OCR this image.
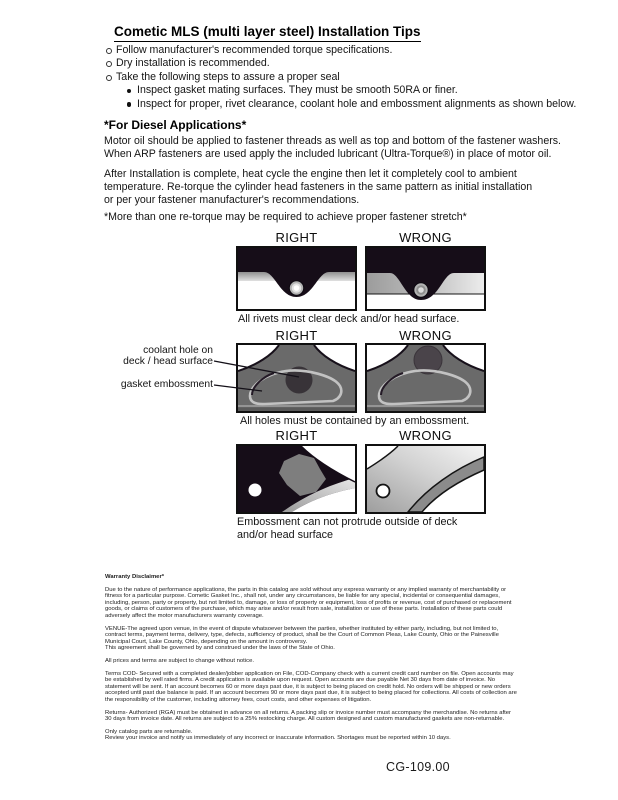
Cometic MLS (multi layer steel) Installation Tips
Follow manufacturer's recommended torque specifications.
Dry installation is recommended.
Take the following steps to assure a proper seal
Inspect gasket mating surfaces. They must be smooth 50RA or finer.
Inspect for proper, rivet clearance, coolant hole and embossment alignments as shown below.
*For Diesel Applications*
Motor oil should be applied to fastener threads as well as top and bottom of the fastener washers.
When ARP fasteners are used apply the included lubricant (Ultra-Torque®) in place of motor oil.
After Installation is complete, heat cycle the engine then let it completely cool to ambient
temperature. Re-torque the cylinder head fasteners in the same pattern as initial installation
or per your fastener manufacturer's recommendations.
*More than one re-torque may be required to achieve proper fastener stretch*
RIGHT	WRONG
All rivets must clear deck and/or head surface.
RIGHT	WRONG
coolant hole on
deck / head surface
gasket embossment
All holes must be contained by an embossment.
RIGHT	WRONG
Embossment can not protrude outside of deck
and/or head surface
Warranty Disclaimer*

Due to the nature of performance applications, the parts in this catalog are sold without any express warranty or any implied warranty of merchantability or fitness for a particular purpose. Cometic Gasket Inc., shall not, under any circumstances, be liable for any special, incidental or consequential damages, including, person, party or property, but not limited to, damage, or loss of property or equipment, loss of profits or revenue, cost of purchased or replacement goods, or claims of customers of the purchase, which may arise and/or result from sale, installation or use of these parts. Installation of these parts could adversely affect the motor manufacturers warranty coverage.

VENUE-The agreed upon venue, in the event of dispute whatsoever between the parties, whether instituted by either party, including, but not limited to, contract terms, payment terms, delivery, type, defects, sufficiency of product, shall be the Court of Common Pleas, Lake County, Ohio or the Painesville Municipal Court, Lake County, Ohio, depending on the amount in controversy.

This agreement shall be governed by and construed under the laws of the State of Ohio.

All prices and terms are subject to change without notice.

Terms COD- Secured with a completed dealer/jobber application on File, COD-Company check with a current credit card number on file. Open accounts may be established by well rated firms. A credit application is available upon request. Open accounts are due payable Net 30 days from date of invoice. No statement will be sent. If an account becomes 60 or more days past due, it is subject to being placed on credit hold. No orders will be shipped or new orders accepted until past due balance is paid. If an account becomes 90 or more days past due, it is subject to being placed for collections. All costs of collection are the responsibility of the customer, including attorney fees, court costs, and other expenses of litigation.

Returns- Authorized (RGA) must be obtained in advance on all returns. A packing slip or invoice number must accompany the merchandise. No returns after 30 days from invoice date. All returns are subject to a 25% restocking charge. All custom designed and custom manufactured gaskets are non-returnable.

Only catalog parts are returnable.

Review your invoice and notify us immediately of any incorrect or inaccurate information. Shortages must be reported within 10 days.

CG-109.00
